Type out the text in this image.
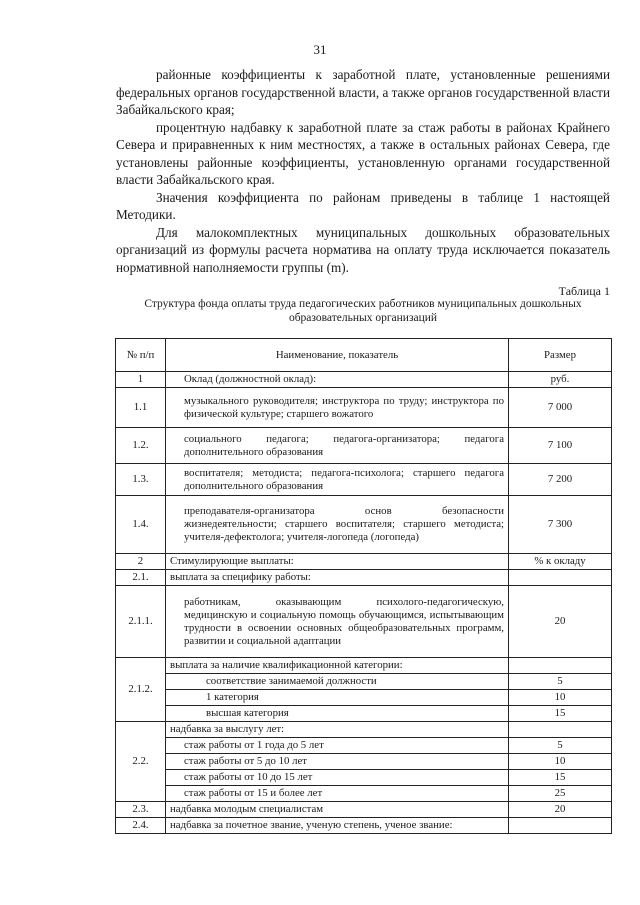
31

районные коэффициенты к заработной плате, установленные решениями федеральных органов государственной власти, а также органов государственной власти Забайкальского края;

процентную надбавку к заработной плате за стаж работы в районах Крайнего Севера и приравненных к ним местностях, а также в остальных районах Севера, где установлены районные коэффициенты, установленную органами государственной власти Забайкальского края.

Значения коэффициента по районам приведены в таблице 1 настоящей Методики.

Для малокомплектных муниципальных дошкольных образовательных организаций из формулы расчета норматива на оплату труда исключается показатель нормативной наполняемости группы (m).

Таблица 1
Структура фонда оплаты труда педагогических работников муниципальных дошкольных образовательных организаций
№ п/п	Наименование, показатель	Размер
1	Оклад (должностной оклад):	руб.
1.1	музыкального руководителя; инструктора по труду; инструктора по физической культуре; старшего вожатого	7 000
1.2.	социального педагога; педагога-организатора; педагога дополнительного образования	7 100
1.3.	воспитателя; методиста; педагога-психолога; старшего педагога дополнительного образования	7 200
1.4.	преподавателя-организатора основ безопасности жизнедеятельности; старшего воспитателя; старшего методиста; учителя-дефектолога; учителя-логопеда (логопеда)	7 300
2	Стимулирующие выплаты:	% к окладу
2.1.	выплата за специфику работы:	
2.1.1.	работникам, оказывающим психолого-педагогическую, медицинскую и социальную помощь обучающимся, испытывающим трудности в освоении основных общеобразовательных программ, развитии и социальной адаптации	20
2.1.2.	выплата за наличие квалификационной категории:	
	соответствие занимаемой должности	5
	1 категория	10
	высшая категория	15
2.2.	надбавка за выслугу лет:	
	стаж работы от 1 года до 5 лет	5
	стаж работы от 5 до 10 лет	10
	стаж работы от 10 до 15 лет	15
	стаж работы от 15 и более лет	25
2.3.	надбавка молодым специалистам	20
2.4.	надбавка за почетное звание, ученую степень, ученое звание:	
